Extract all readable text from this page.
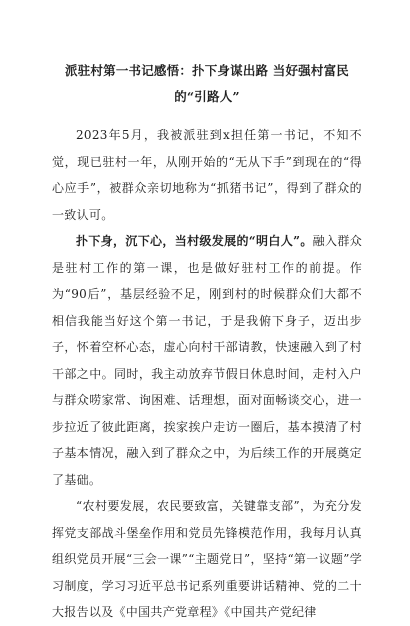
派驻村第一书记感悟：扑下身谋出路 当好强村富民的“引路人”

2023年5月，我被派驻到x担任第一书记，不知不觉，现已驻村一年，从刚开始的“无从下手”到现在的“得心应手”，被群众亲切地称为“抓猪书记”，得到了群众的一致认可。

扑下身，沉下心，当村级发展的“明白人”。融入群众是驻村工作的第一课，也是做好驻村工作的前提。作为“90后”，基层经验不足，刚到村的时候群众们大都不相信我能当好这个第一书记，于是我俯下身子，迈出步子，怀着空杯心态，虚心向村干部请教，快速融入到了村干部之中。同时，我主动放弃节假日休息时间，走村入户与群众唠家常、询困难、话理想，面对面畅谈交心，进一步拉近了彼此距离，挨家挨户走访一圈后，基本摸清了村子基本情况，融入到了群众之中，为后续工作的开展奠定了基础。

“农村要发展，农民要致富，关键靠支部”，为充分发挥党支部战斗堡垒作用和党员先锋模范作用，我每月认真组织党员开展“三会一课”“主题党日”，坚持“第一议题”学习制度，学习习近平总书记系列重要讲话精神、党的二十大报告以及《中国共产党章程》《中国共产党纪律
